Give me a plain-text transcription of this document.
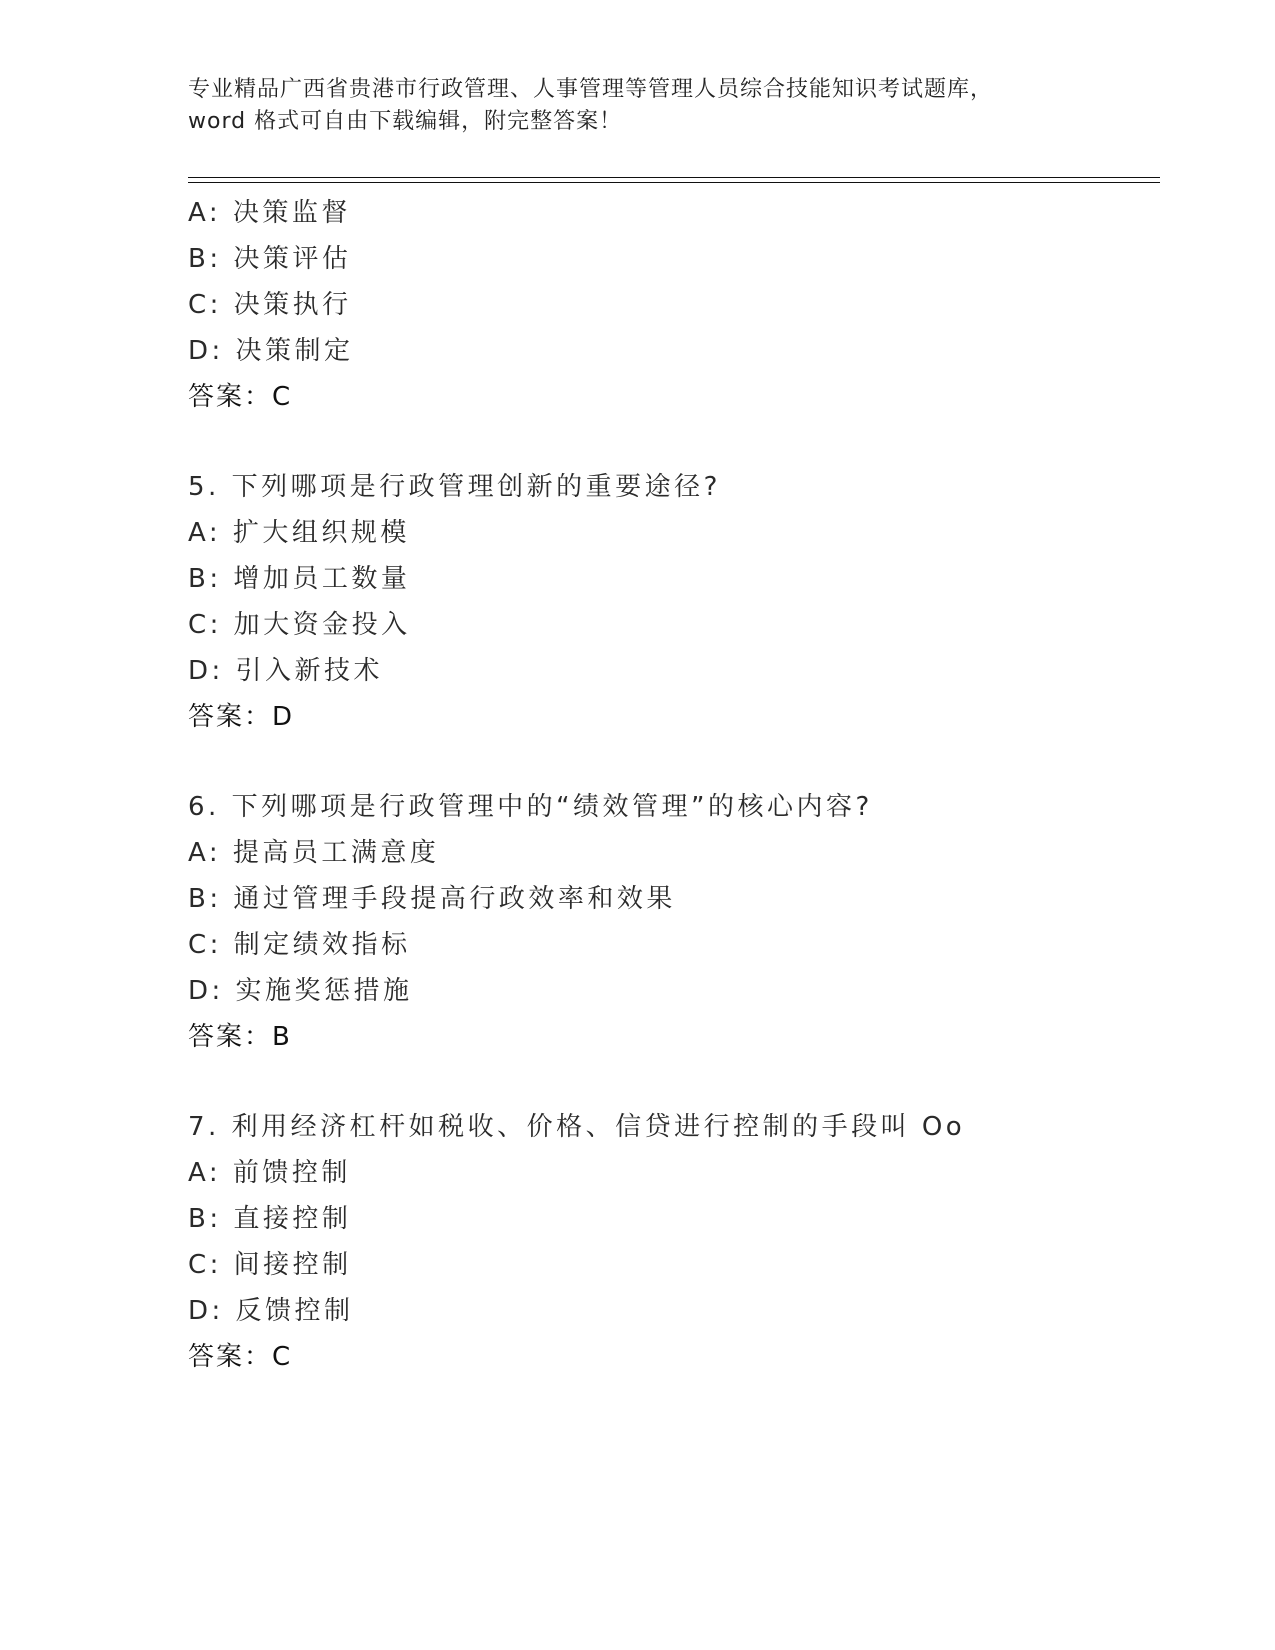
专业精品广西省贵港市行政管理、人事管理等管理人员综合技能知识考试题库，
word 格式可自由下载编辑，附完整答案！
A: 决策监督
B: 决策评估
C: 决策执行
D: 决策制定
答案：C
5. 下列哪项是行政管理创新的重要途径?
A: 扩大组织规模
B: 增加员工数量
C: 加大资金投入
D: 引入新技术
答案：D
6. 下列哪项是行政管理中的“绩效管理”的核心内容?
A: 提高员工满意度
B: 通过管理手段提高行政效率和效果
C: 制定绩效指标
D: 实施奖惩措施
答案：B
7. 利用经济杠杆如税收、价格、信贷进行控制的手段叫 Oo
A: 前馈控制
B: 直接控制
C: 间接控制
D: 反馈控制
答案：C
